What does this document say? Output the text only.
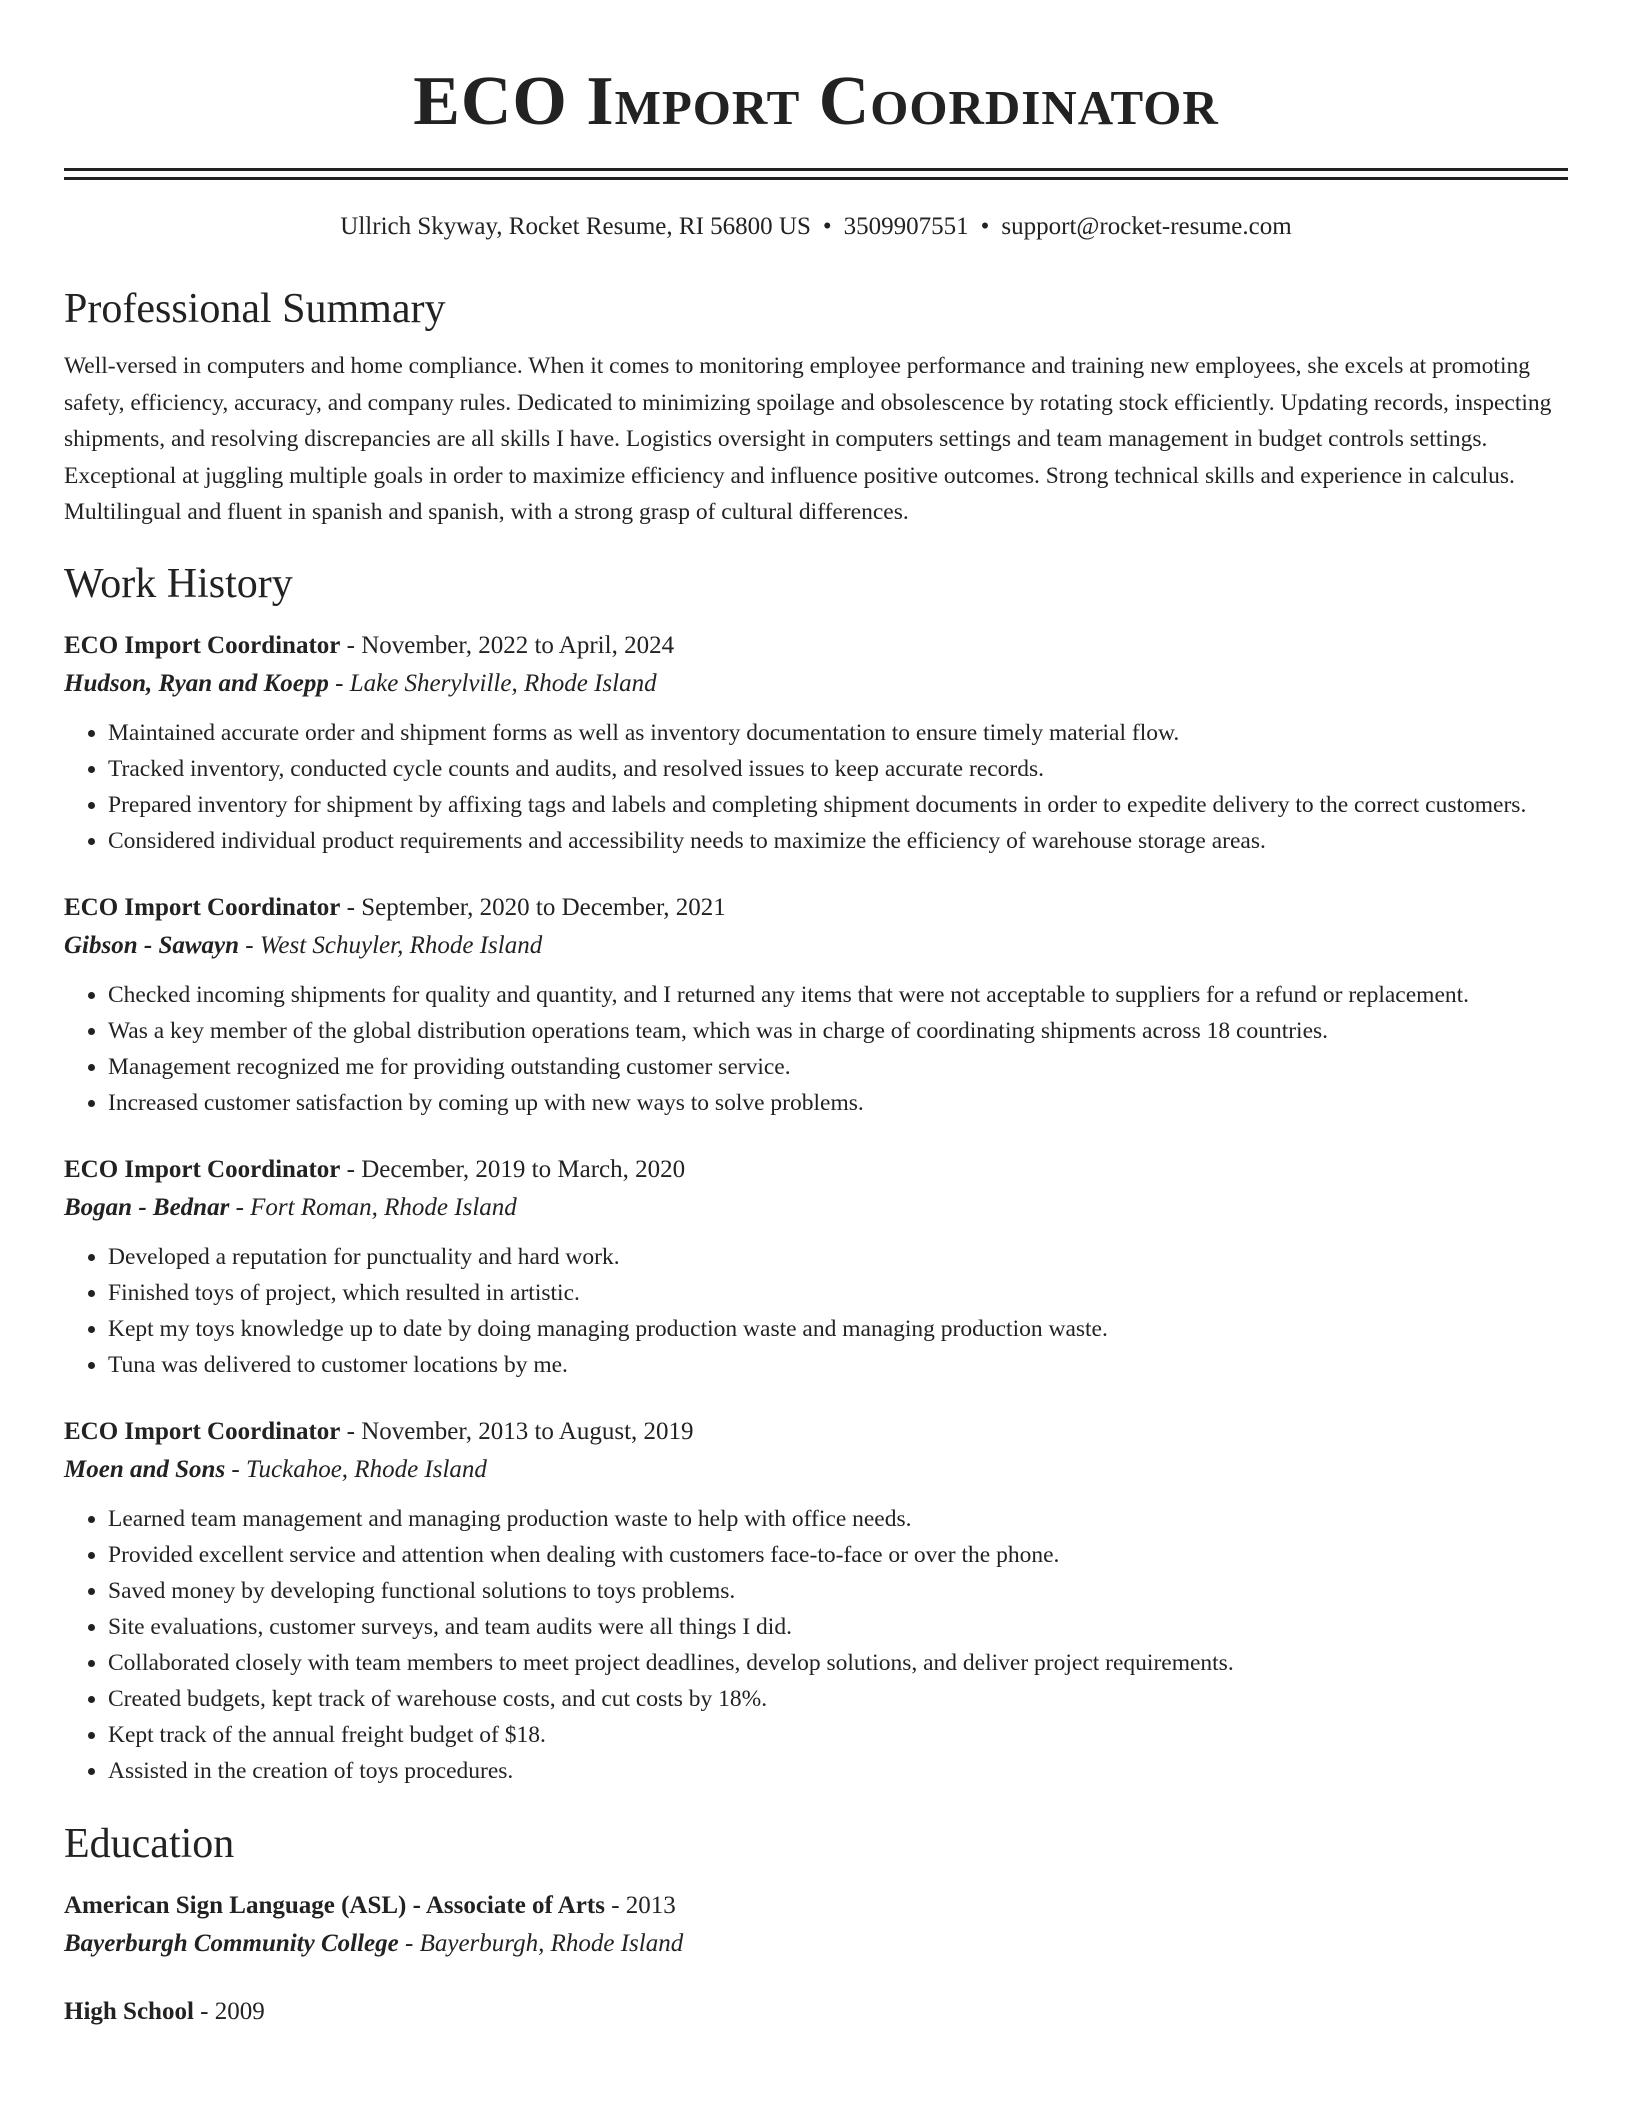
ECO Import Coordinator
Ullrich Skyway, Rocket Resume, RI 56800 US • 3509907551 • support@rocket-resume.com
Professional Summary
Well-versed in computers and home compliance. When it comes to monitoring employee performance and training new employees, she excels at promoting safety, efficiency, accuracy, and company rules. Dedicated to minimizing spoilage and obsolescence by rotating stock efficiently. Updating records, inspecting shipments, and resolving discrepancies are all skills I have. Logistics oversight in computers settings and team management in budget controls settings. Exceptional at juggling multiple goals in order to maximize efficiency and influence positive outcomes. Strong technical skills and experience in calculus. Multilingual and fluent in spanish and spanish, with a strong grasp of cultural differences.
Work History
ECO Import Coordinator - November, 2022 to April, 2024
Hudson, Ryan and Koepp - Lake Sherylville, Rhode Island
• Maintained accurate order and shipment forms as well as inventory documentation to ensure timely material flow.
• Tracked inventory, conducted cycle counts and audits, and resolved issues to keep accurate records.
• Prepared inventory for shipment by affixing tags and labels and completing shipment documents in order to expedite delivery to the correct customers.
• Considered individual product requirements and accessibility needs to maximize the efficiency of warehouse storage areas.
ECO Import Coordinator - September, 2020 to December, 2021
Gibson - Sawayn - West Schuyler, Rhode Island
• Checked incoming shipments for quality and quantity, and I returned any items that were not acceptable to suppliers for a refund or replacement.
• Was a key member of the global distribution operations team, which was in charge of coordinating shipments across 18 countries.
• Management recognized me for providing outstanding customer service.
• Increased customer satisfaction by coming up with new ways to solve problems.
ECO Import Coordinator - December, 2019 to March, 2020
Bogan - Bednar - Fort Roman, Rhode Island
• Developed a reputation for punctuality and hard work.
• Finished toys of project, which resulted in artistic.
• Kept my toys knowledge up to date by doing managing production waste and managing production waste.
• Tuna was delivered to customer locations by me.
ECO Import Coordinator - November, 2013 to August, 2019
Moen and Sons - Tuckahoe, Rhode Island
• Learned team management and managing production waste to help with office needs.
• Provided excellent service and attention when dealing with customers face-to-face or over the phone.
• Saved money by developing functional solutions to toys problems.
• Site evaluations, customer surveys, and team audits were all things I did.
• Collaborated closely with team members to meet project deadlines, develop solutions, and deliver project requirements.
• Created budgets, kept track of warehouse costs, and cut costs by 18%.
• Kept track of the annual freight budget of $18.
• Assisted in the creation of toys procedures.
Education
American Sign Language (ASL) - Associate of Arts - 2013
Bayerburgh Community College - Bayerburgh, Rhode Island
High School - 2009
